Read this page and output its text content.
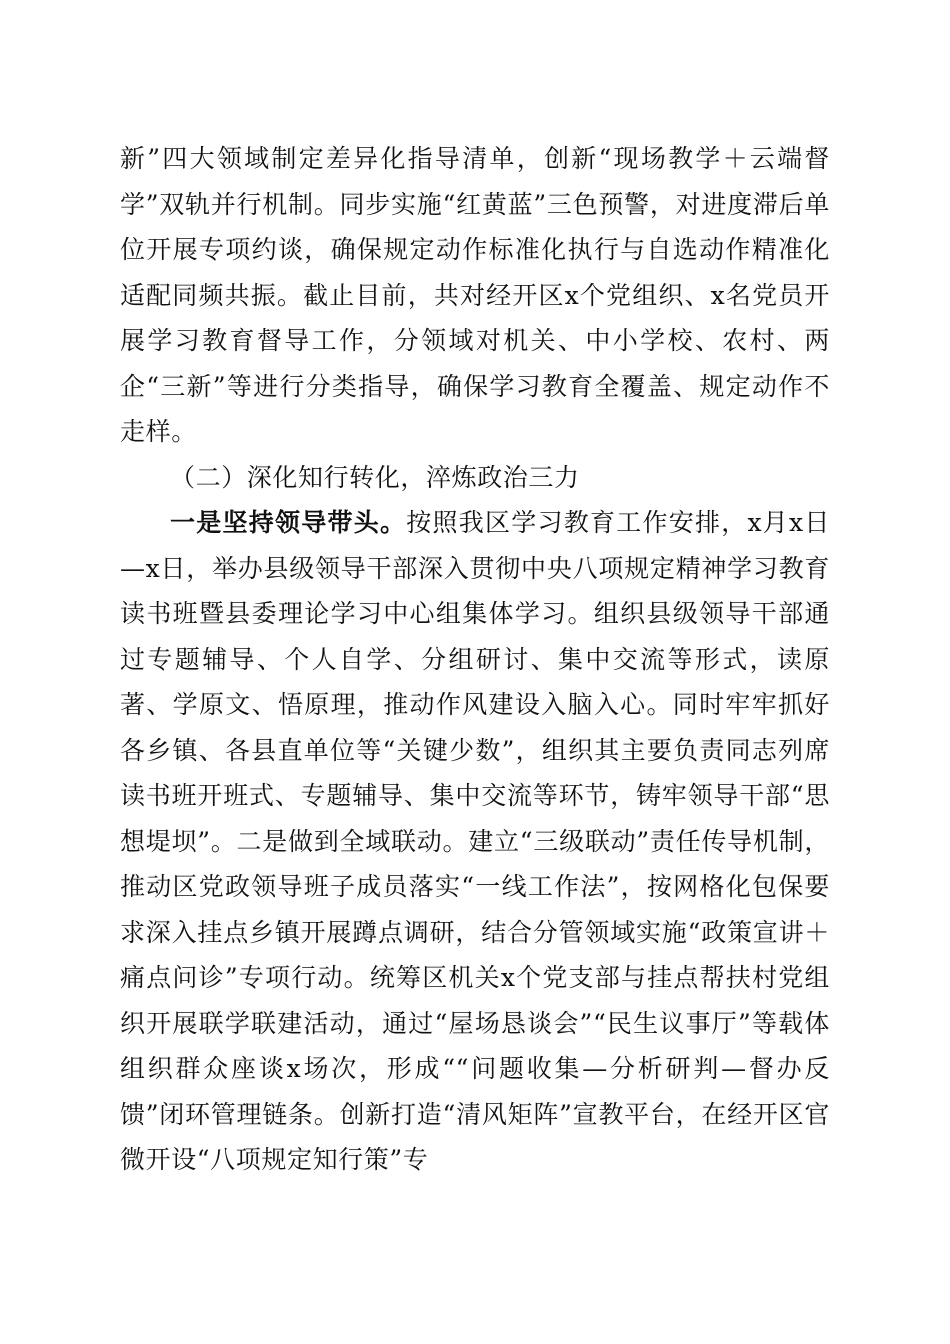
新”四大领域制定差异化指导清单，创新“现场教学＋云端督学”双轨并行机制。同步实施“红黄蓝”三色预警，对进度滞后单位开展专项约谈，确保规定动作标准化执行与自选动作精准化适配同频共振。截止目前，共对经开区x个党组织、x名党员开展学习教育督导工作，分领域对机关、中小学校、农村、两企“三新”等进行分类指导，确保学习教育全覆盖、规定动作不走样。

（二）深化知行转化，淬炼政治三力

一是坚持领导带头。按照我区学习教育工作安排，x月x日—x日，举办县级领导干部深入贯彻中央八项规定精神学习教育读书班暨县委理论学习中心组集体学习。组织县级领导干部通过专题辅导、个人自学、分组研讨、集中交流等形式，读原著、学原文、悟原理，推动作风建设入脑入心。同时牢牢抓好各乡镇、各县直单位等“关键少数”，组织其主要负责同志列席读书班开班式、专题辅导、集中交流等环节，铸牢领导干部“思想堤坝”。二是做到全域联动。建立“三级联动”责任传导机制，推动区党政领导班子成员落实“一线工作法”，按网格化包保要求深入挂点乡镇开展蹲点调研，结合分管领域实施“政策宣讲＋痛点问诊”专项行动。统筹区机关x个党支部与挂点帮扶村党组织开展联学联建活动，通过“屋场恳谈会”“民生议事厅”等载体组织群众座谈x场次，形成““问题收集—分析研判—督办反馈”闭环管理链条。创新打造“清风矩阵”宣教平台，在经开区官微开设“八项规定知行策”专
